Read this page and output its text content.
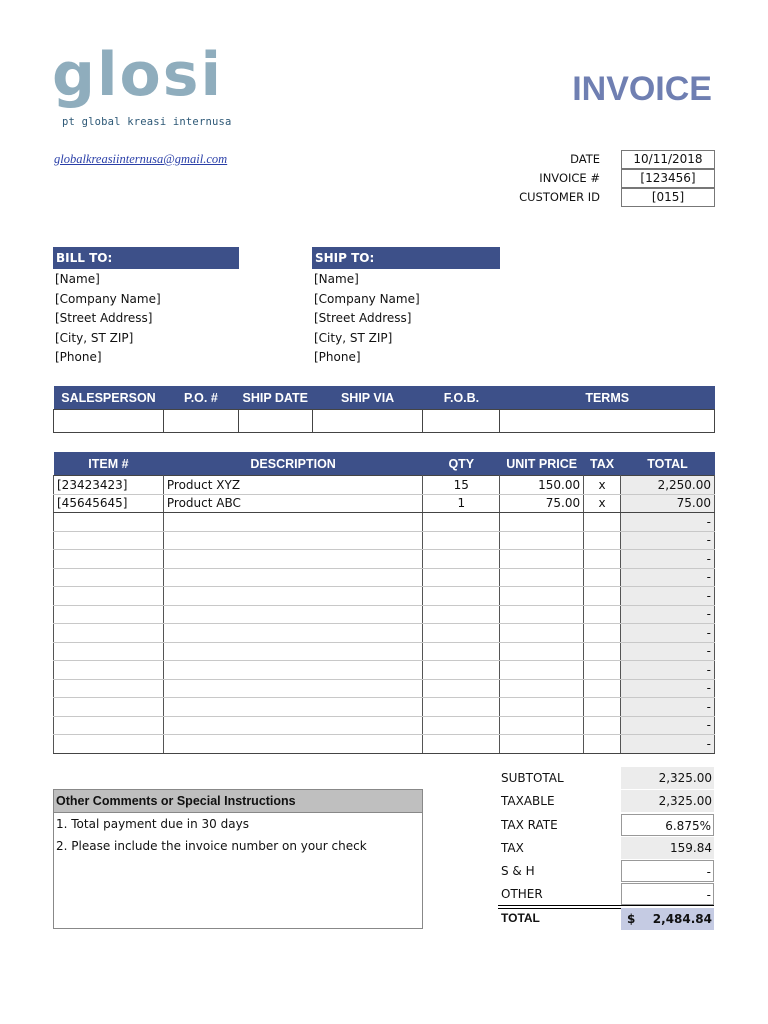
glosi
pt global kreasi internusa
INVOICE
globalkreasiinternusa@gmail.com	DATE	10/11/2018
INVOICE #	[123456]
CUSTOMER ID	[015]
BILL TO:
[Name]
[Company Name]
[Street Address]
[City, ST ZIP]
[Phone]
SHIP TO:
[Name]
[Company Name]
[Street Address]
[City, ST ZIP]
[Phone]
SALESPERSON	P.O. #	SHIP DATE	SHIP VIA	F.O.B.	TERMS

ITEM #	DESCRIPTION	QTY	UNIT PRICE	TAX	TOTAL
[23423423]	Product XYZ	15	150.00	x	2,250.00
[45645645]	Product ABC	1	75.00	x	75.00
					-
					-
					-
					-
					-
					-
					-
					-
					-
					-
					-
					-
					-
Other Comments or Special Instructions
1. Total payment due in 30 days
2. Please include the invoice number on your check
SUBTOTAL	2,325.00
TAXABLE	2,325.00
TAX RATE	6.875%
TAX	159.84
S & H	-
OTHER	-
TOTAL	$ 2,484.84
